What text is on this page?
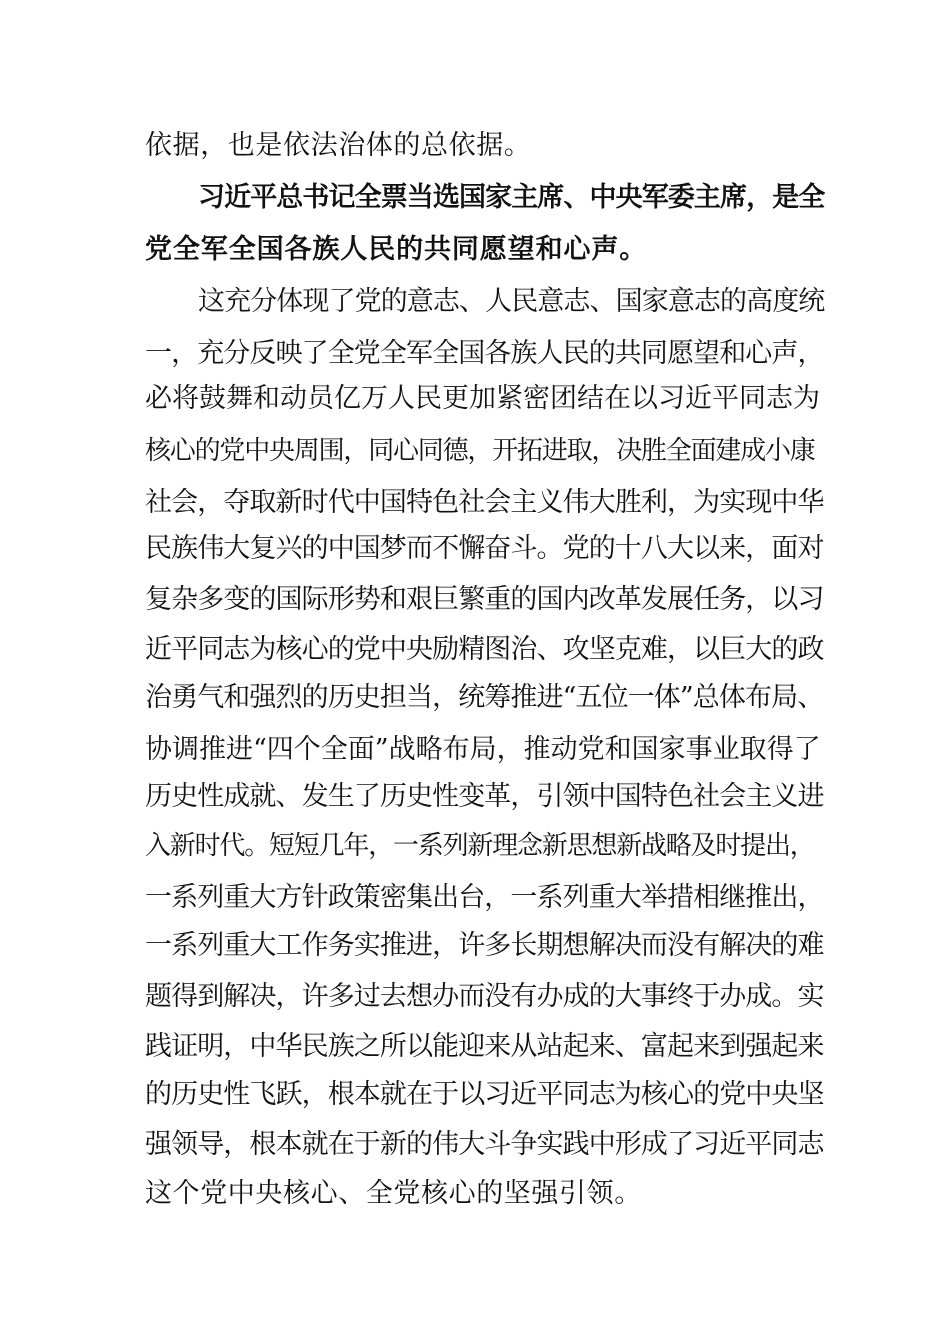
依据，也是依法治体的总依据。
习近平总书记全票当选国家主席、中央军委主席，是全
党全军全国各族人民的共同愿望和心声。
这充分体现了党的意志、人民意志、国家意志的高度统
一，充分反映了全党全军全国各族人民的共同愿望和心声，
必将鼓舞和动员亿万人民更加紧密团结在以习近平同志为
核心的党中央周围，同心同德，开拓进取，决胜全面建成小康
社会，夺取新时代中国特色社会主义伟大胜利，为实现中华
民族伟大复兴的中国梦而不懈奋斗。党的十八大以来，面对
复杂多变的国际形势和艰巨繁重的国内改革发展任务，以习
近平同志为核心的党中央励精图治、攻坚克难，以巨大的政
治勇气和强烈的历史担当，统筹推进“五位一体”总体布局、
协调推进“四个全面”战略布局，推动党和国家事业取得了
历史性成就、发生了历史性变革，引领中国特色社会主义进
入新时代。短短几年，一系列新理念新思想新战略及时提出，
一系列重大方针政策密集出台，一系列重大举措相继推出，
一系列重大工作务实推进，许多长期想解决而没有解决的难
题得到解决，许多过去想办而没有办成的大事终于办成。实
践证明，中华民族之所以能迎来从站起来、富起来到强起来
的历史性飞跃，根本就在于以习近平同志为核心的党中央坚
强领导，根本就在于新的伟大斗争实践中形成了习近平同志
这个党中央核心、全党核心的坚强引领。
